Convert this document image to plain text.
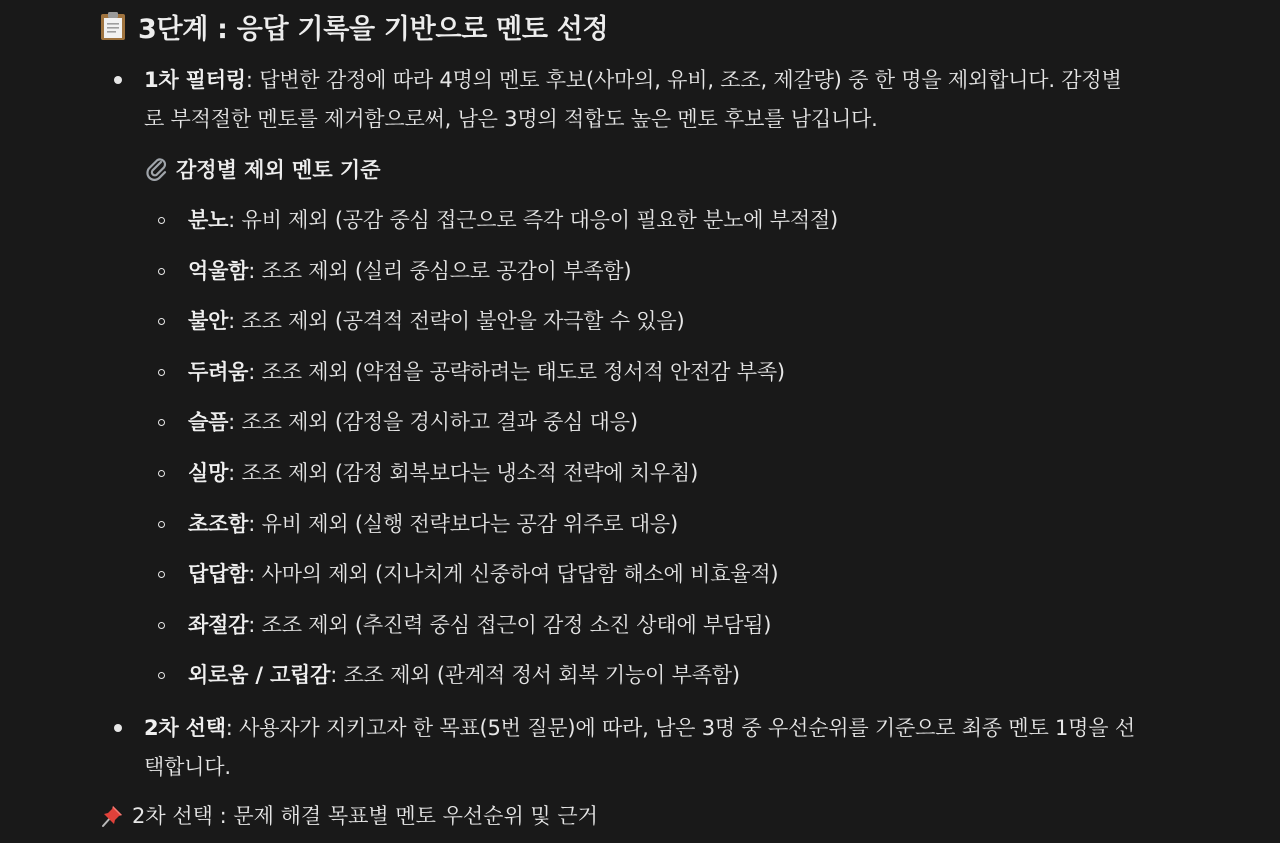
3단계 : 응답 기록을 기반으로 멘토 선정
1차 필터링: 답변한 감정에 따라 4명의 멘토 후보(사마의, 유비, 조조, 제갈량) 중 한 명을 제외합니다. 감정별
로 부적절한 멘토를 제거함으로써, 남은 3명의 적합도 높은 멘토 후보를 남깁니다.
감정별 제외 멘토 기준
분노: 유비 제외 (공감 중심 접근으로 즉각 대응이 필요한 분노에 부적절)
억울함: 조조 제외 (실리 중심으로 공감이 부족함)
불안: 조조 제외 (공격적 전략이 불안을 자극할 수 있음)
두려움: 조조 제외 (약점을 공략하려는 태도로 정서적 안전감 부족)
슬픔: 조조 제외 (감정을 경시하고 결과 중심 대응)
실망: 조조 제외 (감정 회복보다는 냉소적 전략에 치우침)
초조함: 유비 제외 (실행 전략보다는 공감 위주로 대응)
답답함: 사마의 제외 (지나치게 신중하여 답답함 해소에 비효율적)
좌절감: 조조 제외 (추진력 중심 접근이 감정 소진 상태에 부담됨)
외로움 / 고립감: 조조 제외 (관계적 정서 회복 기능이 부족함)
2차 선택: 사용자가 지키고자 한 목표(5번 질문)에 따라, 남은 3명 중 우선순위를 기준으로 최종 멘토 1명을 선
택합니다.
2차 선택 : 문제 해결 목표별 멘토 우선순위 및 근거
